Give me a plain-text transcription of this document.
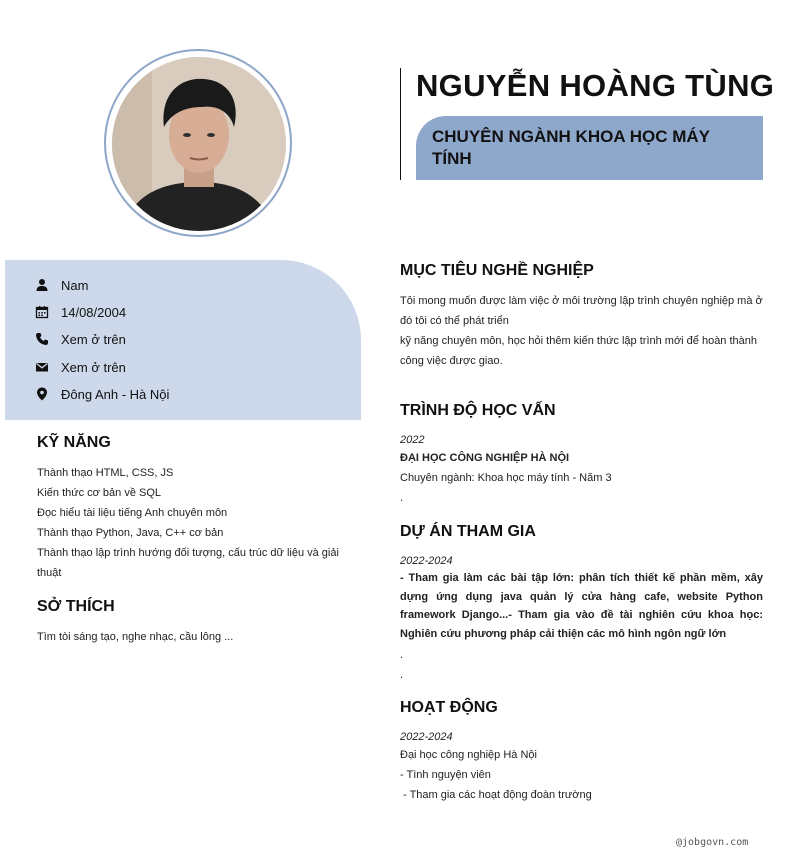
NGUYỄN HOÀNG TÙNG
CHUYÊN NGÀNH KHOA HỌC MÁY TÍNH
Nam
14/08/2004
Xem ở trên
Xem ở trên
Đông Anh - Hà Nội
KỸ NĂNG
Thành thạo HTML, CSS, JS
Kiến thức cơ bản về SQL
Đọc hiểu tài liệu tiếng Anh chuyên môn
Thành thạo Python, Java, C++ cơ bản
Thành thạo lập trình hướng đối tượng, cấu trúc dữ liệu và giải thuật
SỞ THÍCH
Tìm tòi sáng tạo, nghe nhạc, cầu lông ...
MỤC TIÊU NGHỀ NGHIỆP
Tôi mong muốn được làm việc ở môi trường lập trình chuyên nghiệp mà ở đó tôi có thể phát triển
kỹ năng chuyên môn, học hỏi thêm kiến thức lập trình mới để hoàn thành công việc được giao.
TRÌNH ĐỘ HỌC VẤN
2022
ĐẠI HỌC CÔNG NGHIỆP HÀ NỘI
Chuyên ngành: Khoa học máy tính - Năm 3
.
DỰ ÁN THAM GIA
2022-2024
- Tham gia làm các bài tập lớn: phân tích thiết kế phần mềm, xây dựng ứng dụng java quản lý cửa hàng cafe, website Python framework Django...- Tham gia vào đề tài nghiên cứu khoa học: Nghiên cứu phương pháp cải thiện các mô hình ngôn ngữ lớn
.
.
HOẠT ĐỘNG
2022-2024
Đại học công nghiệp Hà Nội
- Tình nguyện viên
- Tham gia các hoạt động đoàn trường
@jobgovn.com
